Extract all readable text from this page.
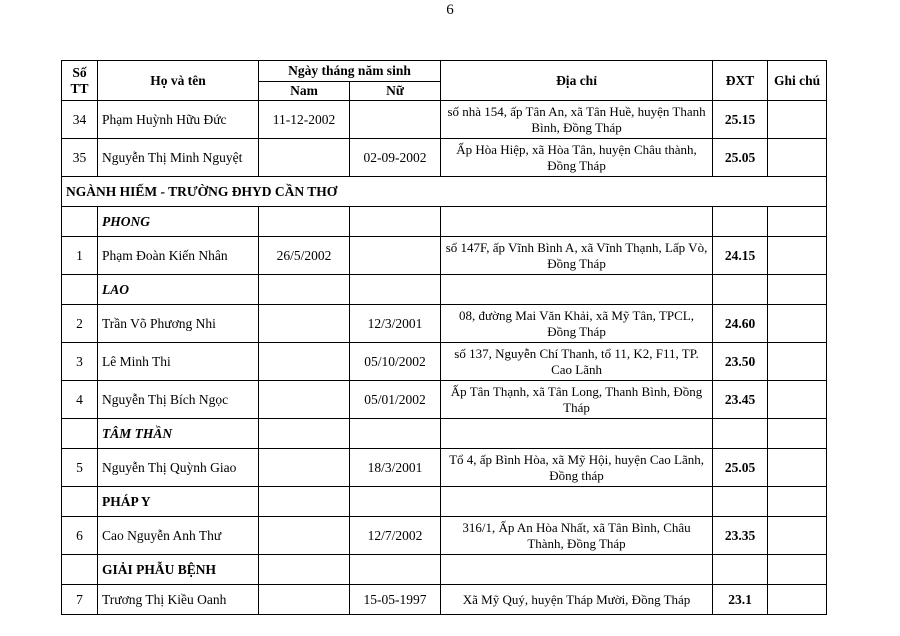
6
Số TT	Họ và tên	Ngày tháng năm sinh		Địa chỉ	ĐXT	Ghi chú
		Nam	Nữ			
34	Phạm Huỳnh Hữu Đức	11-12-2002		số nhà 154, ấp Tân An, xã Tân Huề, huyện Thanh Bình, Đồng Tháp	25.15	
35	Nguyễn Thị Minh Nguyệt		02-09-2002	Ấp Hòa Hiệp, xã Hòa Tân, huyện Châu thành, Đồng Tháp	25.05	
NGÀNH HIẾM - TRƯỜNG ĐHYD CẦN THƠ						
	PHONG					
1	Phạm Đoàn Kiến Nhân	26/5/2002		số 147F, ấp Vĩnh Bình A, xã Vĩnh Thạnh, Lấp Vò, Đồng Tháp	24.15	
	LAO					
2	Trần Võ Phương Nhi		12/3/2001	08, đường Mai Văn Khải, xã Mỹ Tân, TPCL, Đồng Tháp	24.60	
3	Lê Minh Thi		05/10/2002	số 137, Nguyễn Chí Thanh, tổ 11, K2, F11, TP. Cao Lãnh	23.50	
4	Nguyễn Thị Bích Ngọc		05/01/2002	Ấp Tân Thạnh, xã Tân Long, Thanh Bình, Đồng Tháp	23.45	
	TÂM THẦN					
5	Nguyễn Thị Quỳnh Giao		18/3/2001	Tổ 4, ấp Bình Hòa, xã Mỹ Hội, huyện Cao Lãnh, Đồng tháp	25.05	
	PHÁP Y					
6	Cao Nguyễn Anh Thư		12/7/2002	316/1, Ấp An Hòa Nhất, xã Tân Bình, Châu Thành, Đồng Tháp	23.35	
	GIẢI PHẪU BỆNH					
7	Trương Thị Kiều Oanh		15-05-1997	Xã Mỹ Quý, huyện Tháp Mười, Đồng Tháp	23.1	
